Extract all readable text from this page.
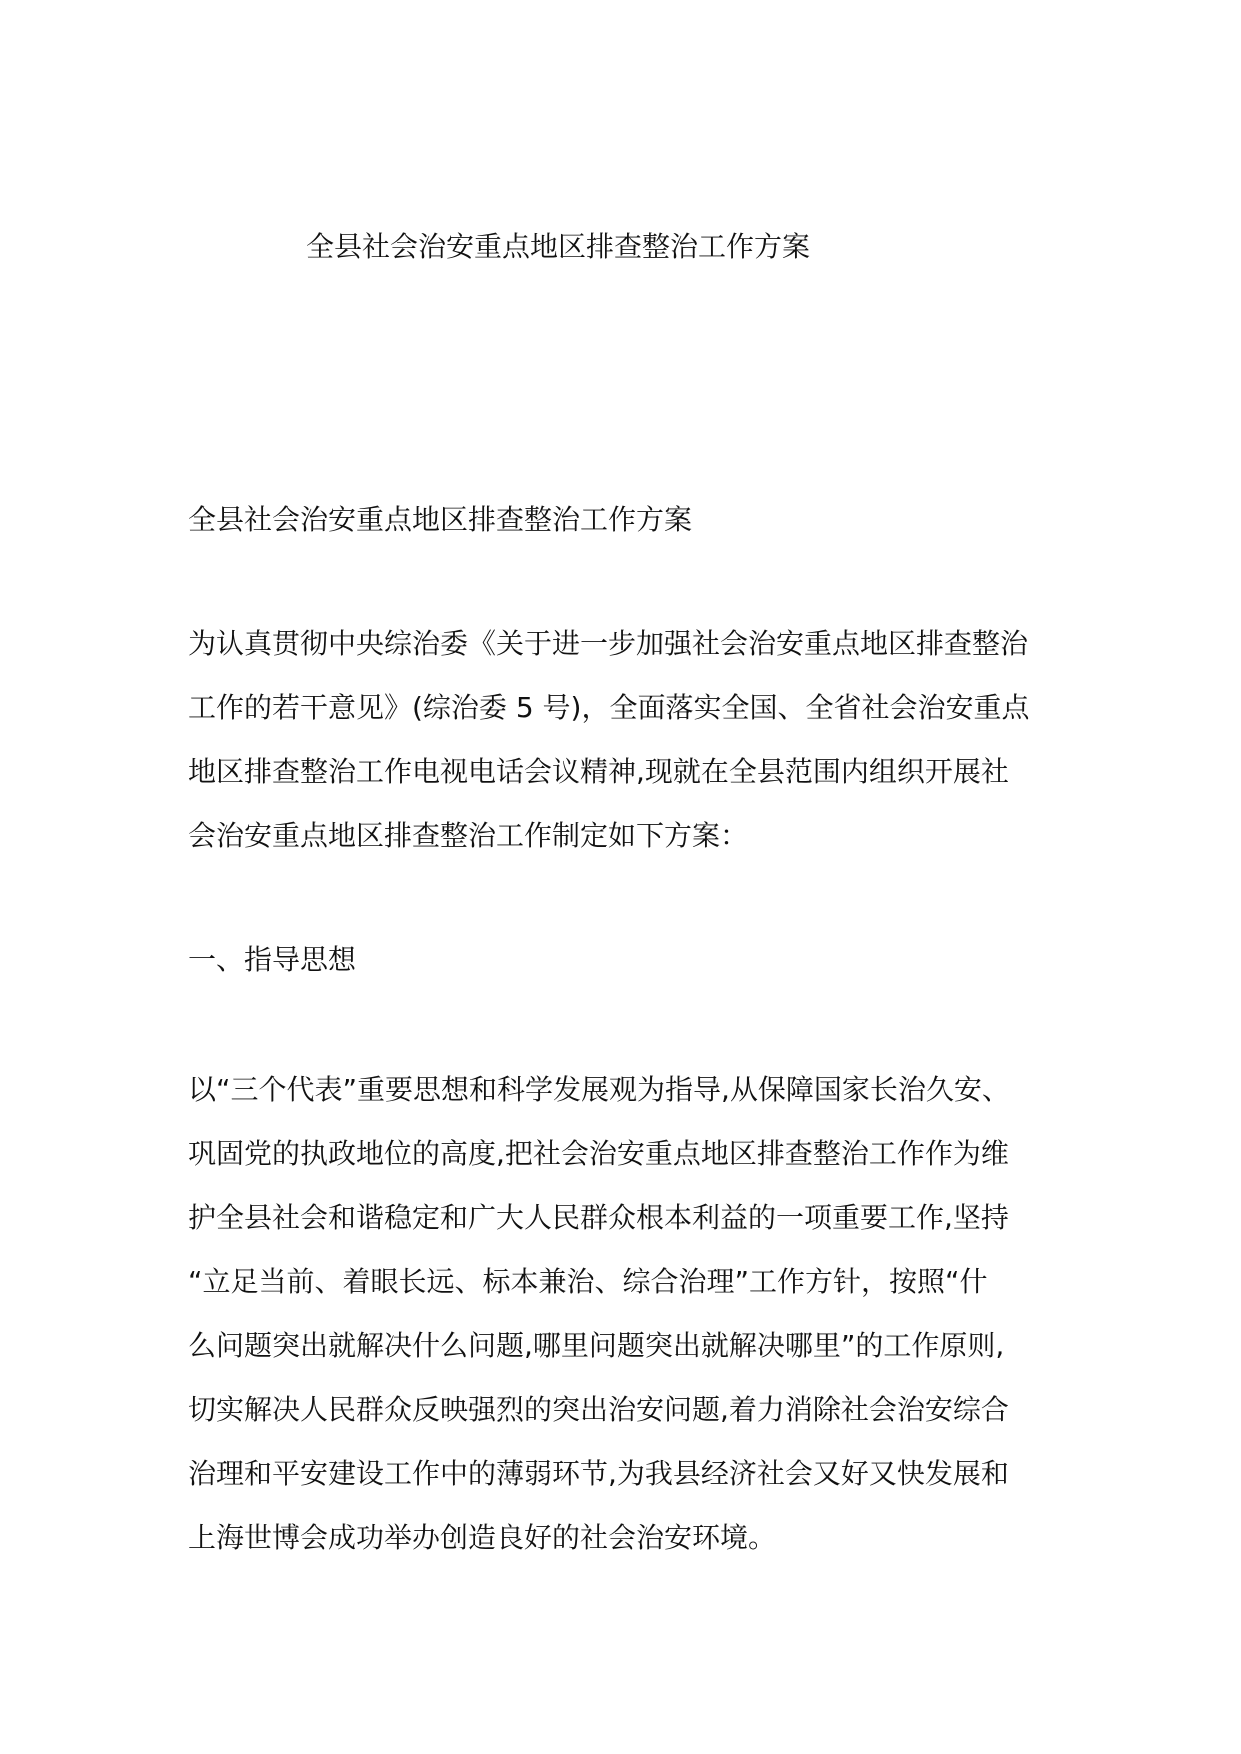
全县社会治安重点地区排查整治工作方案
全县社会治安重点地区排查整治工作方案
为认真贯彻中央综治委《关于进一步加强社会治安重点地区排查整治
工作的若干意见》(综治委 5 号)，全面落实全国、全省社会治安重点
地区排查整治工作电视电话会议精神,现就在全县范围内组织开展社
会治安重点地区排查整治工作制定如下方案：
一、指导思想
以“三个代表”重要思想和科学发展观为指导,从保障国家长治久安、
巩固党的执政地位的高度,把社会治安重点地区排查整治工作作为维
护全县社会和谐稳定和广大人民群众根本利益的一项重要工作,坚持
“立足当前、着眼长远、标本兼治、综合治理”工作方针，按照“什
么问题突出就解决什么问题,哪里问题突出就解决哪里”的工作原则,
切实解决人民群众反映强烈的突出治安问题,着力消除社会治安综合
治理和平安建设工作中的薄弱环节,为我县经济社会又好又快发展和
上海世博会成功举办创造良好的社会治安环境。
